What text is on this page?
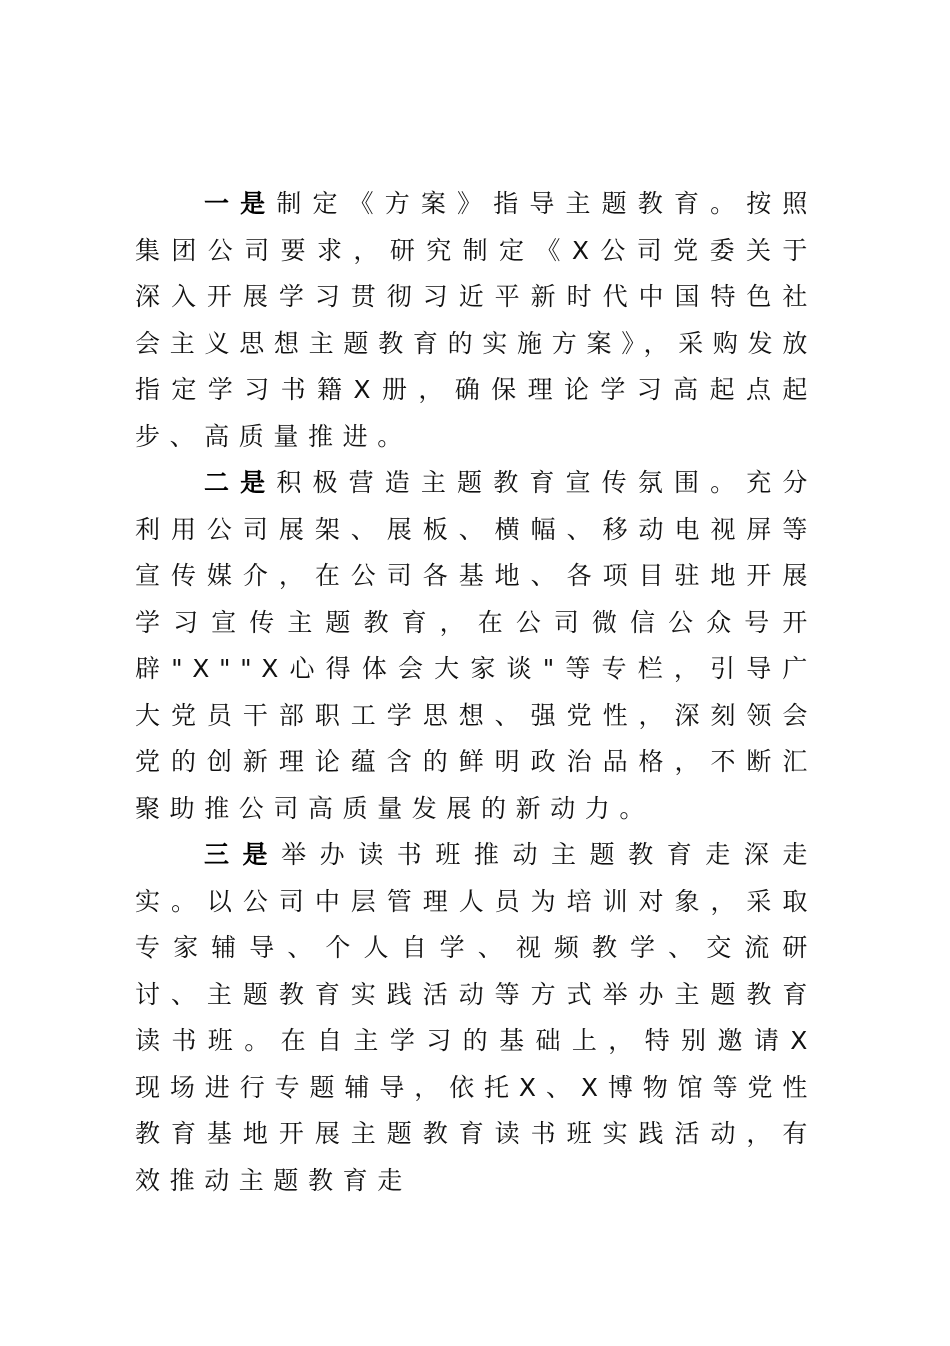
一是制定《方案》指导主题教育。按照集团公司要求，研究制定《X公司党委关于深入开展学习贯彻习近平新时代中国特色社会主义思想主题教育的实施方案》，采购发放指定学习书籍X册，确保理论学习高起点起步、高质量推进。

二是积极营造主题教育宣传氛围。充分利用公司展架、展板、横幅、移动电视屏等宣传媒介，在公司各基地、各项目驻地开展学习宣传主题教育，在公司微信公众号开辟"X""X心得体会大家谈"等专栏，引导广大党员干部职工学思想、强党性，深刻领会党的创新理论蕴含的鲜明政治品格，不断汇聚助推公司高质量发展的新动力。

三是举办读书班推动主题教育走深走实。以公司中层管理人员为培训对象，采取专家辅导、个人自学、视频教学、交流研讨、主题教育实践活动等方式举办主题教育读书班。在自主学习的基础上，特别邀请X现场进行专题辅导，依托X、X博物馆等党性教育基地开展主题教育读书班实践活动，有效推动主题教育走
